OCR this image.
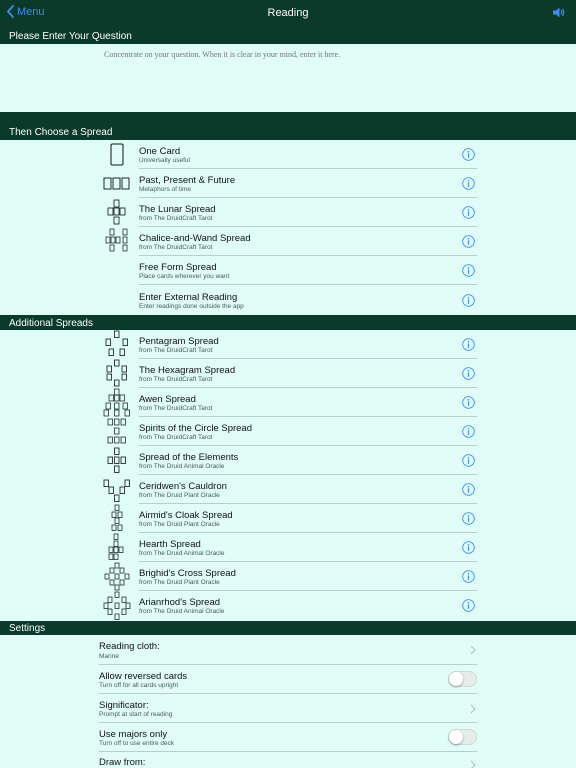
Menu	Reading
Please Enter Your Question
Concentrate on your question. When it is clear in your mind, enter it here.
Then Choose a Spread
One Card
Universally useful
Past, Present & Future
Metaphors of time
The Lunar Spread
from The DruidCraft Tarot
Chalice-and-Wand Spread
from The DruidCraft Tarot
Free Form Spread
Place cards wherever you want
Enter External Reading
Enter readings done outside the app
Additional Spreads
Pentagram Spread
from The DruidCraft Tarot
The Hexagram Spread
from The DruidCraft Tarot
Awen Spread
from The DruidCraft Tarot
Spirits of the Circle Spread
from The DruidCraft Tarot
Spread of the Elements
from The Druid Animal Oracle
Ceridwen's Cauldron
from The Druid Plant Oracle
Airmid's Cloak Spread
from The Druid Plant Oracle
Hearth Spread
from The Druid Animal Oracle
Brighid's Cross Spread
from The Druid Plant Oracle
Arianrhod's Spread
from The Druid Animal Oracle
Settings
Reading cloth:
Marine
Allow reversed cards
Turn off for all cards upright
Significator:
Prompt at start of reading
Use majors only
Turn off to use entire deck
Draw from:
